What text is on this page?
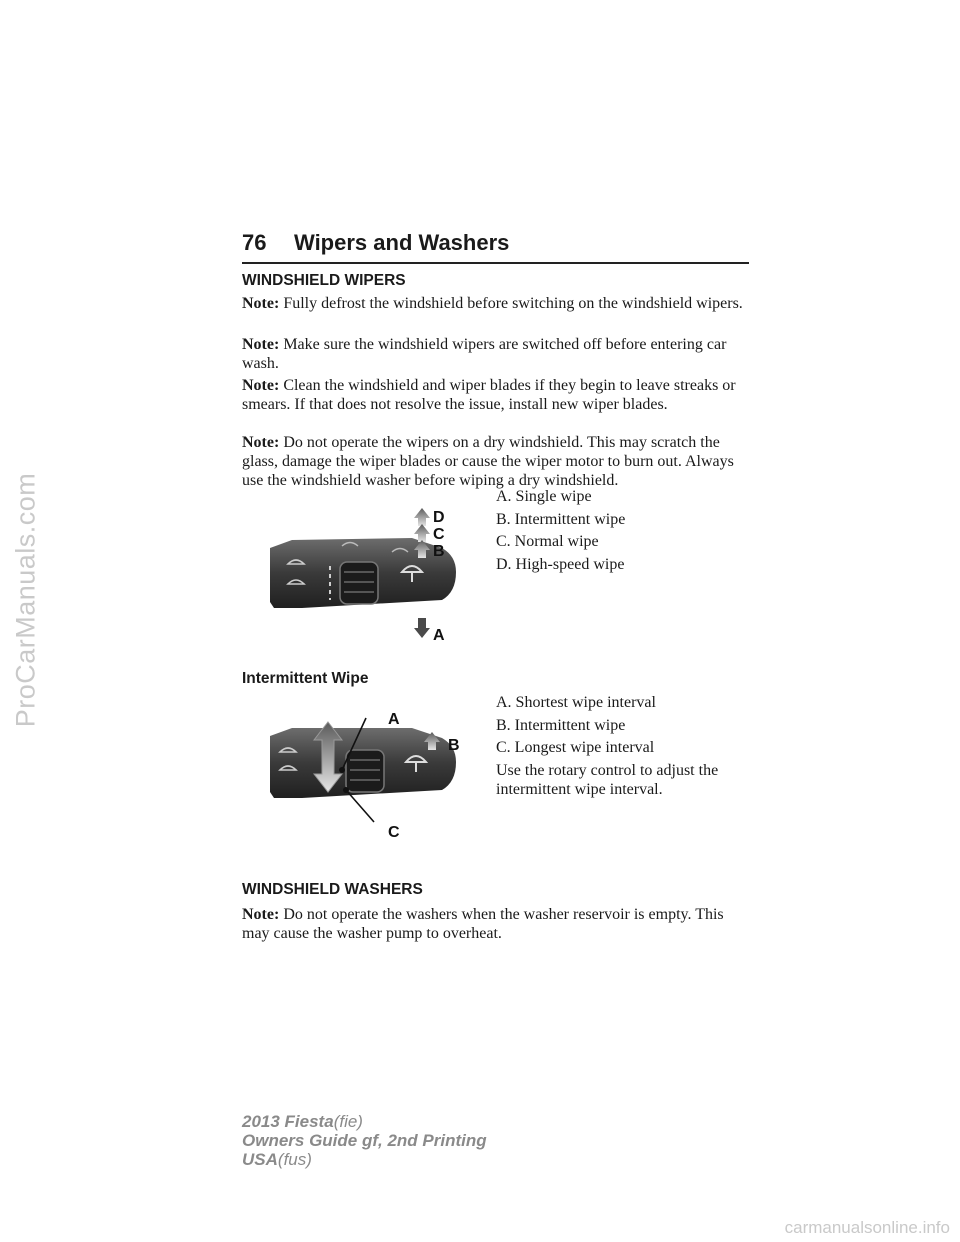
ProCarManuals.com
carmanualsonline.info
76 Wipers and Washers
WINDSHIELD WIPERS
Note: Fully defrost the windshield before switching on the windshield wipers.
Note: Make sure the windshield wipers are switched off before entering car wash.
Note: Clean the windshield and wiper blades if they begin to leave streaks or smears. If that does not resolve the issue, install new wiper blades.
Note: Do not operate the wipers on a dry windshield. This may scratch the glass, damage the wiper blades or cause the wiper motor to burn out. Always use the windshield washer before wiping a dry windshield.
D
C
B
A
A. Single wipe
B. Intermittent wipe
C. Normal wipe
D. High-speed wipe
Intermittent Wipe
A
B
C
A. Shortest wipe interval
B. Intermittent wipe
C. Longest wipe interval
Use the rotary control to adjust the intermittent wipe interval.
WINDSHIELD WASHERS
Note: Do not operate the washers when the washer reservoir is empty. This may cause the washer pump to overheat.
2013 Fiesta(fie)
Owners Guide gf, 2nd Printing
USA(fus)
